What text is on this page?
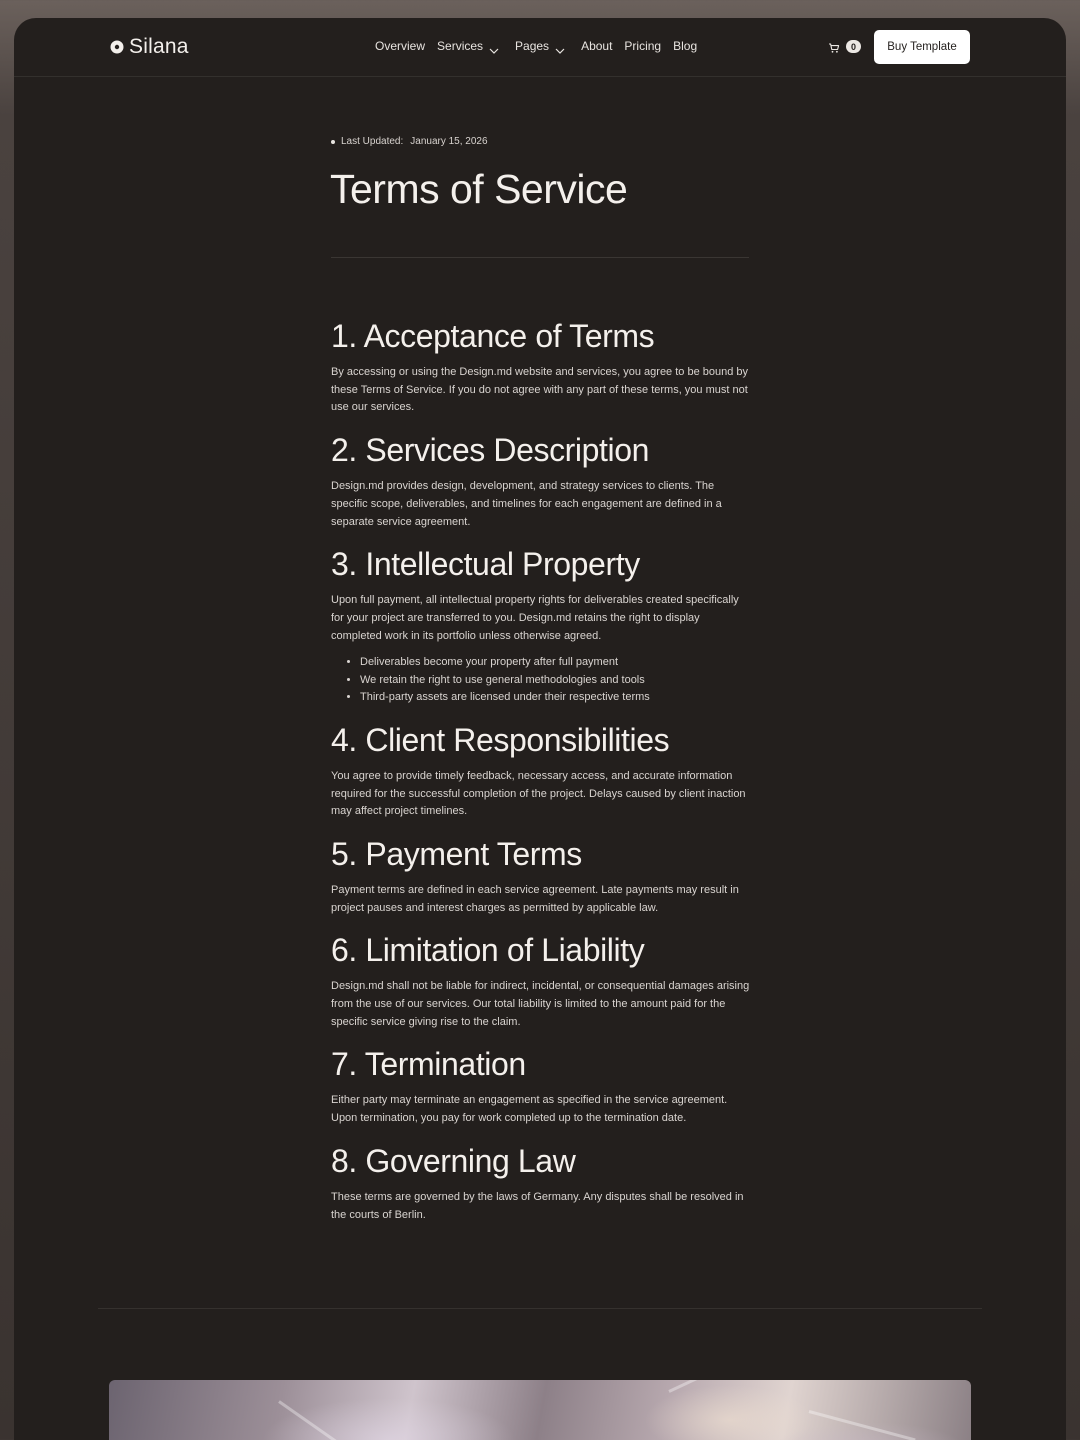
Silana	Overview Services	Pages	About Pricing Blog	0	Buy Template
Last Updated: January 15, 2026
Terms of Service
1. Acceptance of Terms

By accessing or using the Design.md website and services, you agree to be bound by these Terms of Service. If you do not agree with any part of these terms, you must not use our services.

2. Services Description

Design.md provides design, development, and strategy services to clients. The specific scope, deliverables, and timelines for each engagement are defined in a separate service agreement.

3. Intellectual Property

Upon full payment, all intellectual property rights for deliverables created specifically for your project are transferred to you. Design.md retains the right to display completed work in its portfolio unless otherwise agreed.

• Deliverables become your property after full payment
• We retain the right to use general methodologies and tools
• Third-party assets are licensed under their respective terms
4. Client Responsibilities

You agree to provide timely feedback, necessary access, and accurate information required for the successful completion of the project. Delays caused by client inaction may affect project timelines.

5. Payment Terms

Payment terms are defined in each service agreement. Late payments may result in project pauses and interest charges as permitted by applicable law.

6. Limitation of Liability

Design.md shall not be liable for indirect, incidental, or consequential damages arising from the use of our services. Our total liability is limited to the amount paid for the specific service giving rise to the claim.

7. Termination

Either party may terminate an engagement as specified in the service agreement. Upon termination, you pay for work completed up to the termination date.

8. Governing Law

These terms are governed by the laws of Germany. Any disputes shall be resolved in the courts of Berlin.
